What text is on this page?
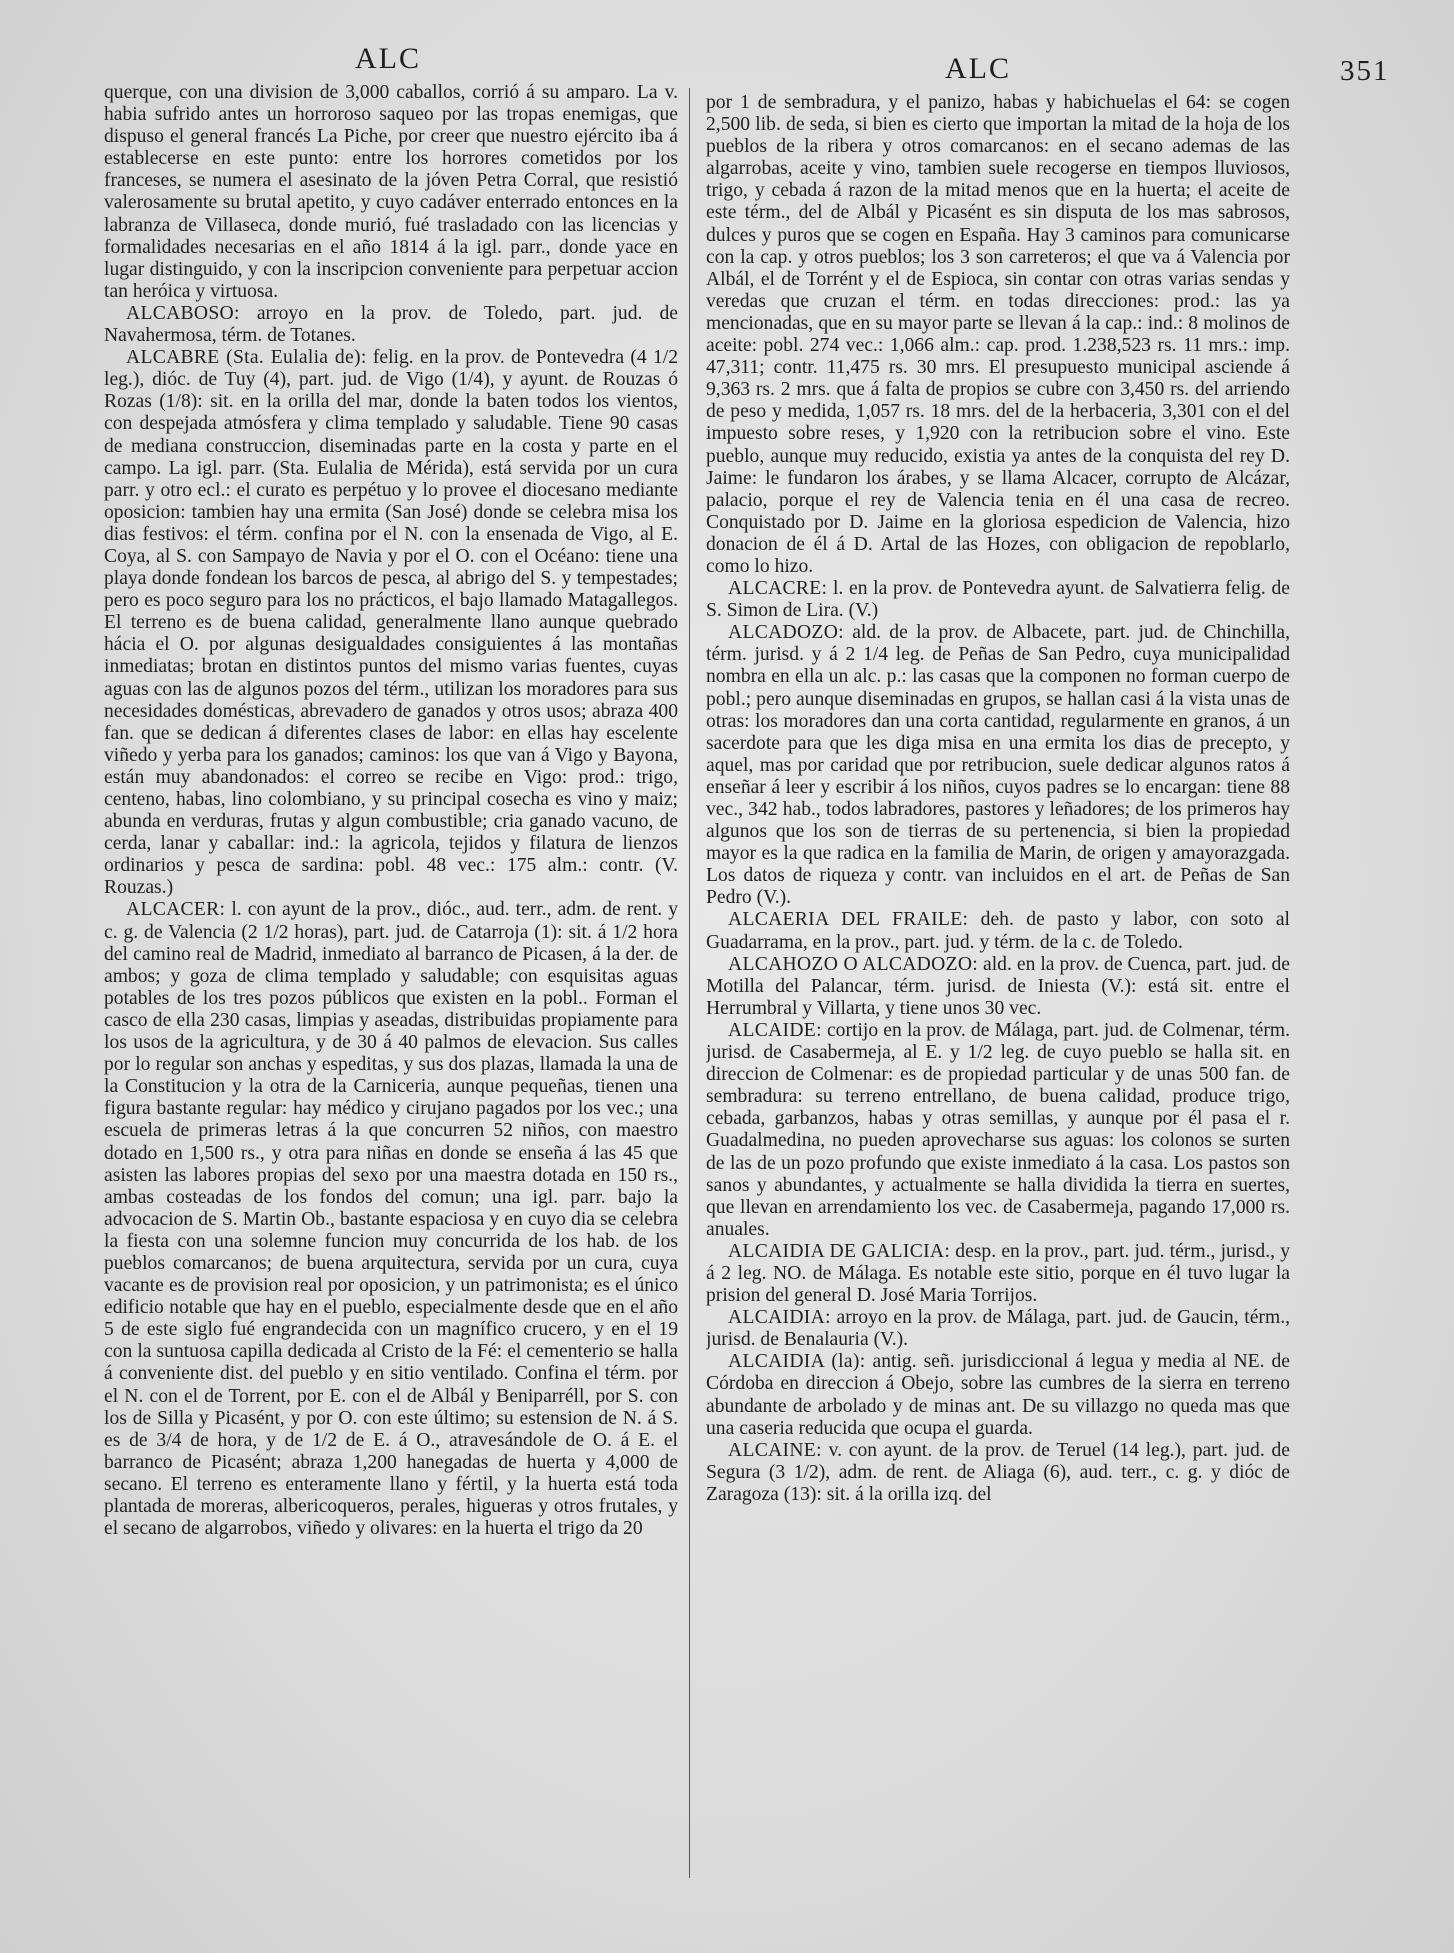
ALC	ALC	351

querque, con una division de 3,000 caballos, corrió á su amparo. La v. habia sufrido antes un horroroso saqueo por las tropas enemigas, que dispuso el general francés La Piche, por creer que nuestro ejército iba á establecerse en este punto: entre los horrores cometidos por los franceses, se numera el asesinato de la jóven Petra Corral, que resistió valerosamente su brutal apetito, y cuyo cadáver enterrado entonces en la labranza de Villaseca, donde murió, fué trasladado con las licencias y formalidades necesarias en el año 1814 á la igl. parr., donde yace en lugar distinguido, y con la inscripcion conveniente para perpetuar accion tan heróica y virtuosa.

ALCABOSO: arroyo en la prov. de Toledo, part. jud. de Navahermosa, térm. de Totanes.

ALCABRE (Sta. Eulalia de): felig. en la prov. de Pontevedra (4 1/2 leg.), dióc. de Tuy (4), part. jud. de Vigo (1/4), y ayunt. de Rouzas ó Rozas (1/8): sit. en la orilla del mar, donde la baten todos los vientos, con despejada atmósfera y clima templado y saludable. Tiene 90 casas de mediana construccion, diseminadas parte en la costa y parte en el campo. La igl. parr. (Sta. Eulalia de Mérida), está servida por un cura parr. y otro ecl.: el curato es perpétuo y lo provee el diocesano mediante oposicion: tambien hay una ermita (San José) donde se celebra misa los dias festivos: el térm. confina por el N. con la ensenada de Vigo, al E. Coya, al S. con Sampayo de Navia y por el O. con el Océano: tiene una playa donde fondean los barcos de pesca, al abrigo del S. y tempestades; pero es poco seguro para los no prácticos, el bajo llamado Matagallegos. El terreno es de buena calidad, generalmente llano aunque quebrado hácia el O. por algunas desigualdades consiguientes á las montañas inmediatas; brotan en distintos puntos del mismo varias fuentes, cuyas aguas con las de algunos pozos del térm., utilizan los moradores para sus necesidades domésticas, abrevadero de ganados y otros usos; abraza 400 fan. que se dedican á diferentes clases de labor: en ellas hay escelente viñedo y yerba para los ganados; caminos: los que van á Vigo y Bayona, están muy abandonados: el correo se recibe en Vigo: prod.: trigo, centeno, habas, lino colombiano, y su principal cosecha es vino y maiz; abunda en verduras, frutas y algun combustible; cria ganado vacuno, de cerda, lanar y caballar: ind.: la agricola, tejidos y filatura de lienzos ordinarios y pesca de sardina: pobl. 48 vec.: 175 alm.: contr. (V. Rouzas.)

ALCACER: l. con ayunt de la prov., dióc., aud. terr., adm. de rent. y c. g. de Valencia (2 1/2 horas), part. jud. de Catarroja (1): sit. á 1/2 hora del camino real de Madrid, inmediato al barranco de Picasen, á la der. de ambos; y goza de clima templado y saludable; con esquisitas aguas potables de los tres pozos públicos que existen en la pobl.. Forman el casco de ella 230 casas, limpias y aseadas, distribuidas propiamente para los usos de la agricultura, y de 30 á 40 palmos de elevacion. Sus calles por lo regular son anchas y espeditas, y sus dos plazas, llamada la una de la Constitucion y la otra de la Carniceria, aunque pequeñas, tienen una figura bastante regular: hay médico y cirujano pagados por los vec.; una escuela de primeras letras á la que concurren 52 niños, con maestro dotado en 1,500 rs., y otra para niñas en donde se enseña á las 45 que asisten las labores propias del sexo por una maestra dotada en 150 rs., ambas costeadas de los fondos del comun; una igl. parr. bajo la advocacion de S. Martin Ob., bastante espaciosa y en cuyo dia se celebra la fiesta con una solemne funcion muy concurrida de los hab. de los pueblos comarcanos; de buena arquitectura, servida por un cura, cuya vacante es de provision real por oposicion, y un patrimonista; es el único edificio notable que hay en el pueblo, especialmente desde que en el año 5 de este siglo fué engrandecida con un magnífico crucero, y en el 19 con la suntuosa capilla dedicada al Cristo de la Fé: el cementerio se halla á conveniente dist. del pueblo y en sitio ventilado. Confina el térm. por el N. con el de Torrent, por E. con el de Albál y Beniparréll, por S. con los de Silla y Picasént, y por O. con este último; su estension de N. á S. es de 3/4 de hora, y de 1/2 de E. á O., atravesándole de O. á E. el barranco de Picasént; abraza 1,200 hanegadas de huerta y 4,000 de secano. El terreno es enteramente llano y fértil, y la huerta está toda plantada de moreras, albericoqueros, perales, higueras y otros frutales, y el secano de algarrobos, viñedo y olivares: en la huerta el trigo da 20

por 1 de sembradura, y el panizo, habas y habichuelas el 64: se cogen 2,500 lib. de seda, si bien es cierto que importan la mitad de la hoja de los pueblos de la ribera y otros comarcanos: en el secano ademas de las algarrobas, aceite y vino, tambien suele recogerse en tiempos lluviosos, trigo, y cebada á razon de la mitad menos que en la huerta; el aceite de este térm., del de Albál y Picasént es sin disputa de los mas sabrosos, dulces y puros que se cogen en España. Hay 3 caminos para comunicarse con la cap. y otros pueblos; los 3 son carreteros; el que va á Valencia por Albál, el de Torrént y el de Espioca, sin contar con otras varias sendas y veredas que cruzan el térm. en todas direcciones: prod.: las ya mencionadas, que en su mayor parte se llevan á la cap.: ind.: 8 molinos de aceite: pobl. 274 vec.: 1,066 alm.: cap. prod. 1.238,523 rs. 11 mrs.: imp. 47,311; contr. 11,475 rs. 30 mrs. El presupuesto municipal asciende á 9,363 rs. 2 mrs. que á falta de propios se cubre con 3,450 rs. del arriendo de peso y medida, 1,057 rs. 18 mrs. del de la herbaceria, 3,301 con el del impuesto sobre reses, y 1,920 con la retribucion sobre el vino. Este pueblo, aunque muy reducido, existia ya antes de la conquista del rey D. Jaime: le fundaron los árabes, y se llama Alcacer, corrupto de Alcázar, palacio, porque el rey de Valencia tenia en él una casa de recreo. Conquistado por D. Jaime en la gloriosa espedicion de Valencia, hizo donacion de él á D. Artal de las Hozes, con obligacion de repoblarlo, como lo hizo.

ALCACRE: l. en la prov. de Pontevedra ayunt. de Salvatierra felig. de S. Simon de Lira. (V.)

ALCADOZO: ald. de la prov. de Albacete, part. jud. de Chinchilla, térm. jurisd. y á 2 1/4 leg. de Peñas de San Pedro, cuya municipalidad nombra en ella un alc. p.: las casas que la componen no forman cuerpo de pobl.; pero aunque diseminadas en grupos, se hallan casi á la vista unas de otras: los moradores dan una corta cantidad, regularmente en granos, á un sacerdote para que les diga misa en una ermita los dias de precepto, y aquel, mas por caridad que por retribucion, suele dedicar algunos ratos á enseñar á leer y escribir á los niños, cuyos padres se lo encargan: tiene 88 vec., 342 hab., todos labradores, pastores y leñadores; de los primeros hay algunos que los son de tierras de su pertenencia, si bien la propiedad mayor es la que radica en la familia de Marin, de origen y amayorazgada. Los datos de riqueza y contr. van incluidos en el art. de Peñas de San Pedro (V.).

ALCAERIA DEL FRAILE: deh. de pasto y labor, con soto al Guadarrama, en la prov., part. jud. y térm. de la c. de Toledo.

ALCAHOZO O ALCADOZO: ald. en la prov. de Cuenca, part. jud. de Motilla del Palancar, térm. jurisd. de Iniesta (V.): está sit. entre el Herrumbral y Villarta, y tiene unos 30 vec.

ALCAIDE: cortijo en la prov. de Málaga, part. jud. de Colmenar, térm. jurisd. de Casabermeja, al E. y 1/2 leg. de cuyo pueblo se halla sit. en direccion de Colmenar: es de propiedad particular y de unas 500 fan. de sembradura: su terreno entrellano, de buena calidad, produce trigo, cebada, garbanzos, habas y otras semillas, y aunque por él pasa el r. Guadalmedina, no pueden aprovecharse sus aguas: los colonos se surten de las de un pozo profundo que existe inmediato á la casa. Los pastos son sanos y abundantes, y actualmente se halla dividida la tierra en suertes, que llevan en arrendamiento los vec. de Casabermeja, pagando 17,000 rs. anuales.

ALCAIDIA DE GALICIA: desp. en la prov., part. jud. térm., jurisd., y á 2 leg. NO. de Málaga. Es notable este sitio, porque en él tuvo lugar la prision del general D. José Maria Torrijos.

ALCAIDIA: arroyo en la prov. de Málaga, part. jud. de Gaucin, térm., jurisd. de Benalauria (V.).

ALCAIDIA (la): antig. señ. jurisdiccional á legua y media al NE. de Córdoba en direccion á Obejo, sobre las cumbres de la sierra en terreno abundante de arbolado y de minas ant. De su villazgo no queda mas que una caseria reducida que ocupa el guarda.

ALCAINE: v. con ayunt. de la prov. de Teruel (14 leg.), part. jud. de Segura (3 1/2), adm. de rent. de Aliaga (6), aud. terr., c. g. y dióc de Zaragoza (13): sit. á la orilla izq. del
